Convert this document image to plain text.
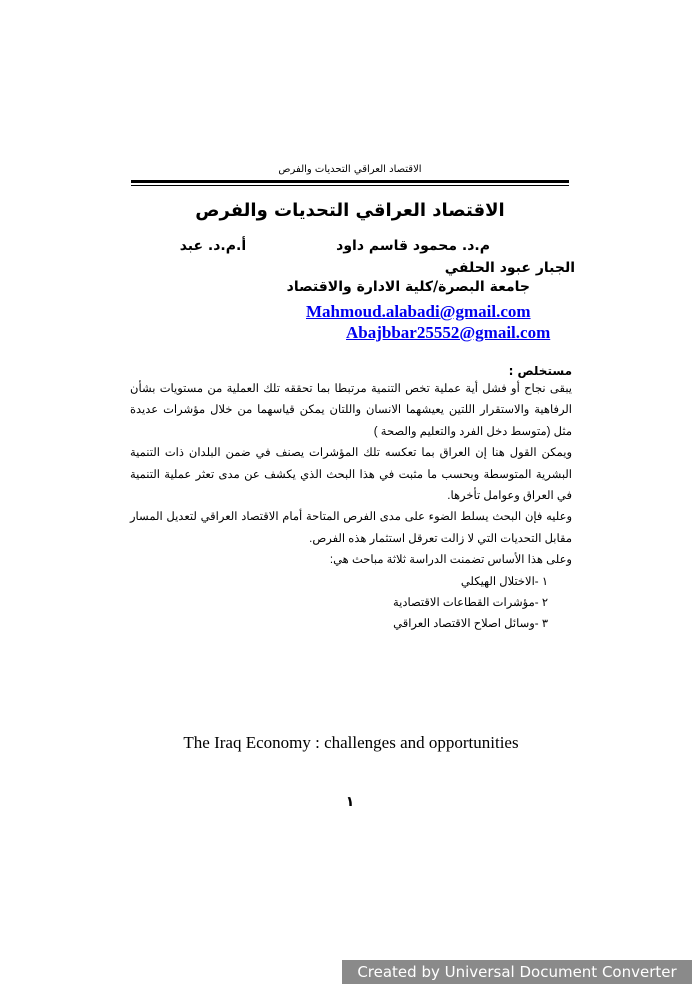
الاقتصاد العراقي التحديات والفرص
الاقتصاد العراقي التحديات والفرص
م.د. محمود قاسم داودأ.م.د. عبد
الجبار عبود الحلفي
جامعة البصرة/كلية الادارة والاقتصاد
Mahmoud.alabadi@gmail.com
Abajbbar25552@gmail.com
مستخلص :

يبقى نجاح أو فشل أية عملية تخص التنمية مرتبطا بما تحققه تلك العملية من مستويات بشأن الرفاهية والاستقرار اللتين يعيشهما الانسان واللتان يمكن قياسهما من خلال مؤشرات عديدة مثل (متوسط دخل الفرد والتعليم والصحة )

ويمكن القول هنا إن العراق بما تعكسه تلك المؤشرات يصنف في ضمن البلدان ذات التنمية البشرية المتوسطة وبحسب ما مثبت في هذا البحث الذي يكشف عن مدى تعثر عملية التنمية في العراق وعوامل تأخرها.

وعليه فإن البحث يسلط الضوء على مدى الفرص المتاحة أمام الاقتصاد العراقي لتعديل المسار مقابل التحديات التي لا زالت تعرقل استثمار هذه الفرص.

وعلى هذا الأساس تضمنت الدراسة ثلاثة مباحث هي:

١ -الاختلال الهيكلي
٢ -مؤشرات القطاعات الاقتصادية
٣ -وسائل اصلاح الاقتصاد العراقي
The Iraq Economy : challenges and opportunities
١
Created by Universal Document Converter
